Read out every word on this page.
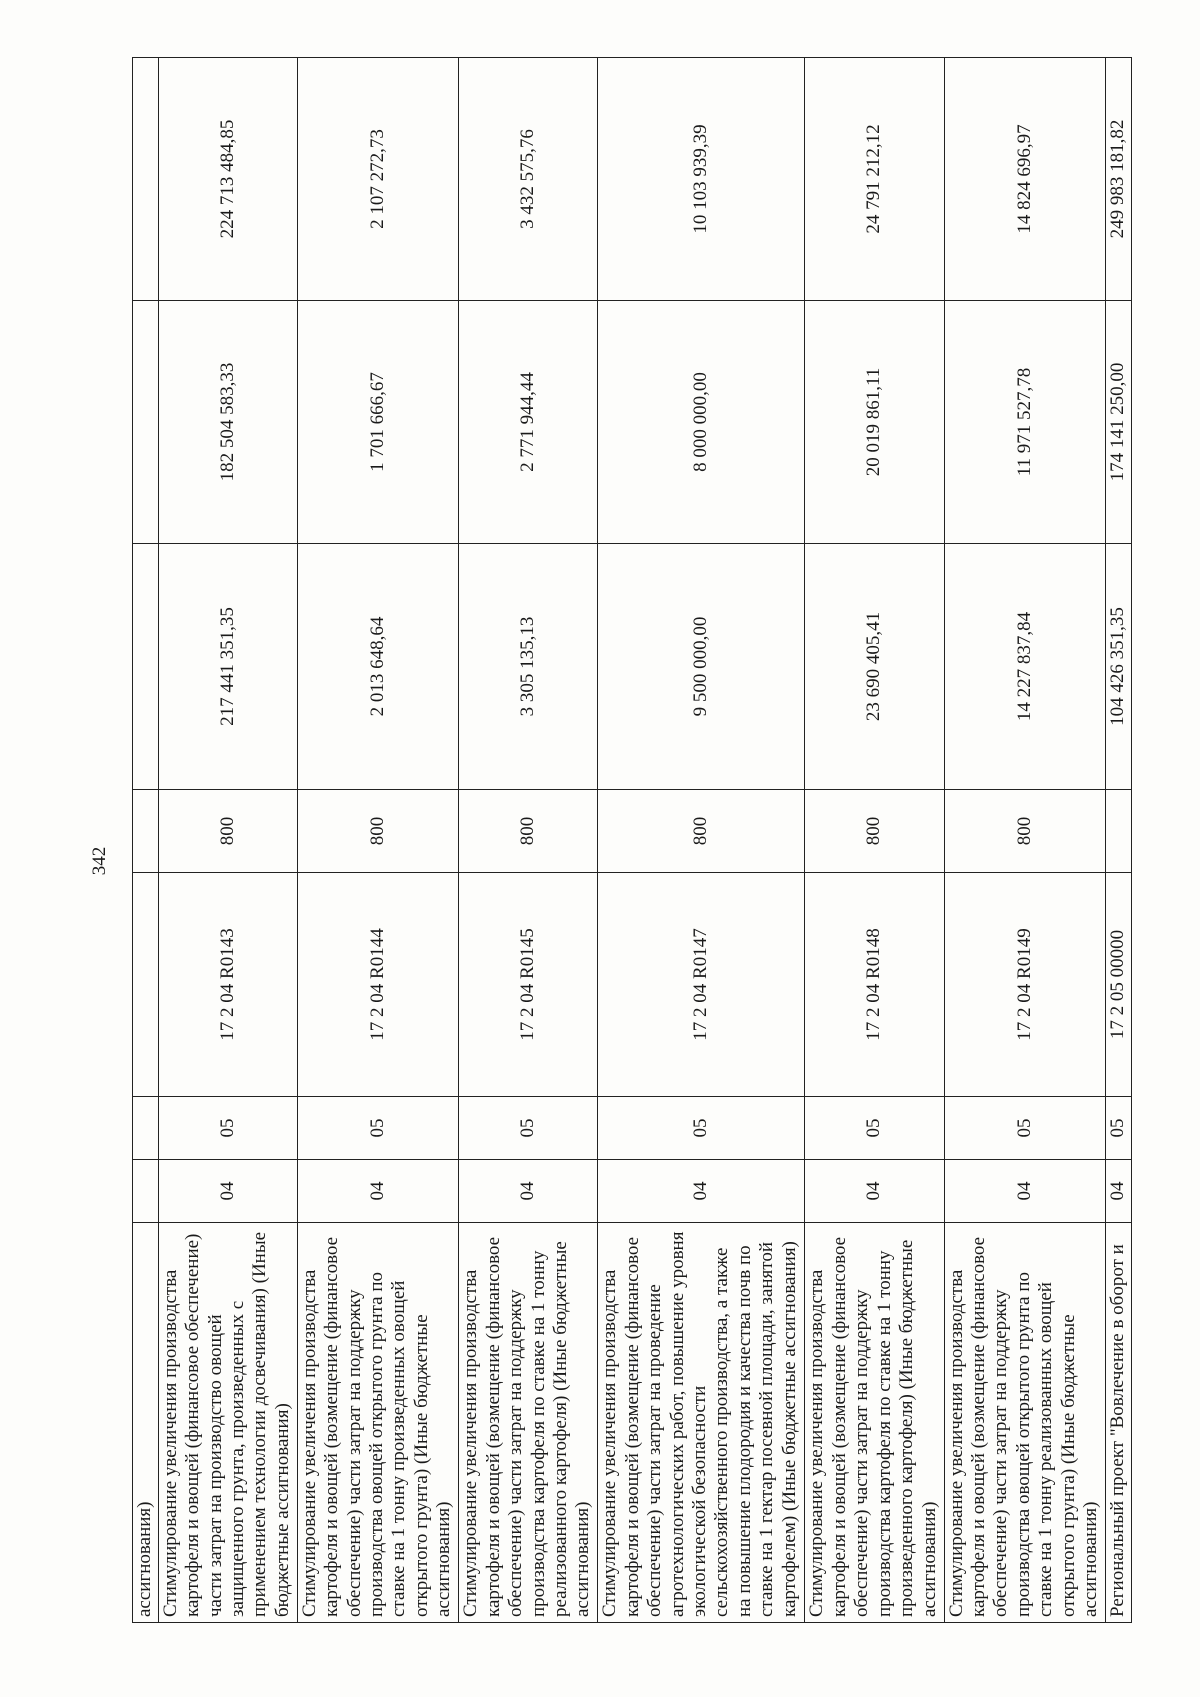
342
ассигнования)							
Стимулирование увеличения производства картофеля и овощей (финансовое обеспечение) части затрат на производство овощей защищенного грунта, произведенных с применением технологии досвечивания) (Иные бюджетные ассигнования)	04	05	17 2 04 R0143	800	217 441 351,35	182 504 583,33	224 713 484,85
Стимулирование увеличения производства картофеля и овощей (возмещение (финансовое обеспечение) части затрат на поддержку производства овощей открытого грунта по ставке на 1 тонну произведенных овощей открытого грунта) (Иные бюджетные ассигнования)	04	05	17 2 04 R0144	800	2 013 648,64	1 701 666,67	2 107 272,73
Стимулирование увеличения производства картофеля и овощей (возмещение (финансовое обеспечение) части затрат на поддержку производства картофеля по ставке на 1 тонну реализованного картофеля) (Иные бюджетные ассигнования)	04	05	17 2 04 R0145	800	3 305 135,13	2 771 944,44	3 432 575,76
Стимулирование увеличения производства картофеля и овощей (возмещение (финансовое обеспечение) части затрат на проведение агротехнологических работ, повышение уровня экологической безопасности сельскохозяйственного производства, а также на повышение плодородия и качества почв по ставке на 1 гектар посевной площади, занятой картофелем) (Иные бюджетные ассигнования)	04	05	17 2 04 R0147	800	9 500 000,00	8 000 000,00	10 103 939,39
Стимулирование увеличения производства картофеля и овощей (возмещение (финансовое обеспечение) части затрат на поддержку производства картофеля по ставке на 1 тонну произведенного картофеля) (Иные бюджетные ассигнования)	04	05	17 2 04 R0148	800	23 690 405,41	20 019 861,11	24 791 212,12
Стимулирование увеличения производства картофеля и овощей (возмещение (финансовое обеспечение) части затрат на поддержку производства овощей открытого грунта по ставке на 1 тонну реализованных овощей открытого грунта) (Иные бюджетные ассигнования)	04	05	17 2 04 R0149	800	14 227 837,84	11 971 527,78	14 824 696,97
Региональный проект "Вовлечение в оборот и	04	05	17 2 05 00000		104 426 351,35	174 141 250,00	249 983 181,82
